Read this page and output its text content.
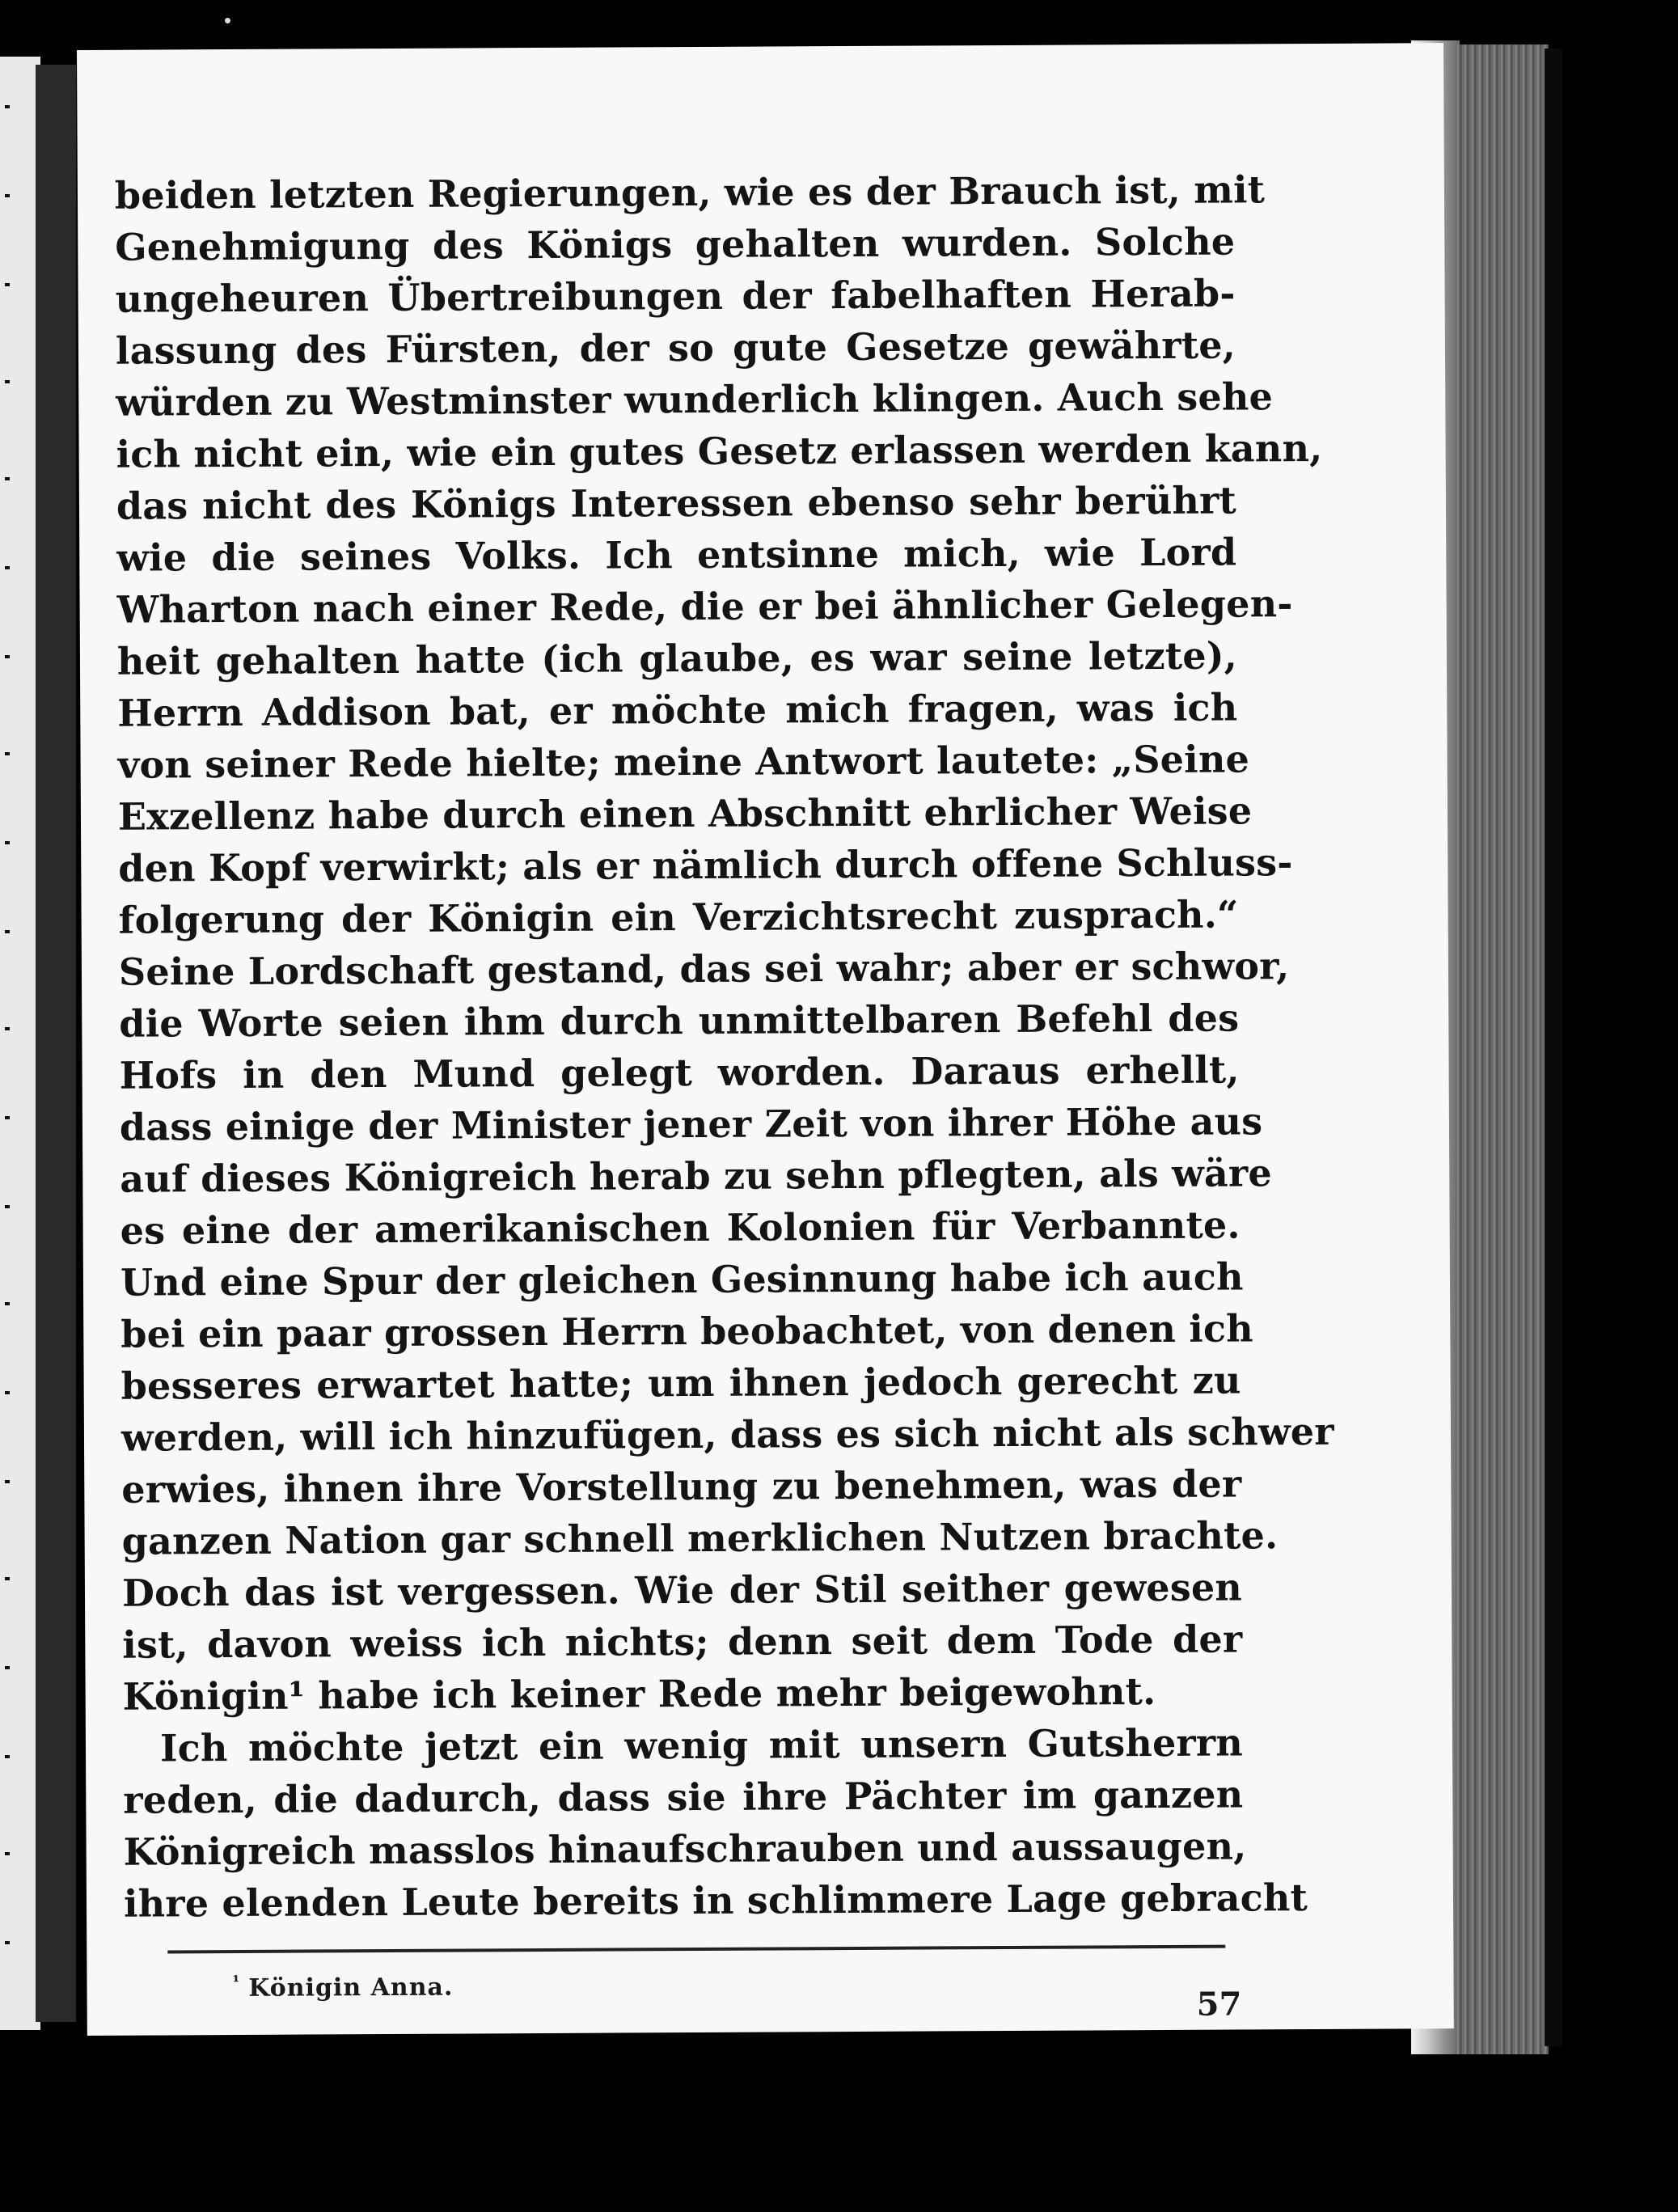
beiden letzten Regierungen, wie es der Brauch ist, mit
Genehmigung des Königs gehalten wurden. Solche
ungeheuren Übertreibungen der fabelhaften Herab-
lassung des Fürsten, der so gute Gesetze gewährte,
würden zu Westminster wunderlich klingen. Auch sehe
ich nicht ein, wie ein gutes Gesetz erlassen werden kann,
das nicht des Königs Interessen ebenso sehr berührt
wie die seines Volks. Ich entsinne mich, wie Lord
Wharton nach einer Rede, die er bei ähnlicher Gelegen-
heit gehalten hatte (ich glaube, es war seine letzte),
Herrn Addison bat, er möchte mich fragen, was ich
von seiner Rede hielte; meine Antwort lautete: „Seine
Exzellenz habe durch einen Abschnitt ehrlicher Weise
den Kopf verwirkt; als er nämlich durch offene Schluss-
folgerung der Königin ein Verzichtsrecht zusprach.“
Seine Lordschaft gestand, das sei wahr; aber er schwor,
die Worte seien ihm durch unmittelbaren Befehl des
Hofs in den Mund gelegt worden. Daraus erhellt,
dass einige der Minister jener Zeit von ihrer Höhe aus
auf dieses Königreich herab zu sehn pflegten, als wäre
es eine der amerikanischen Kolonien für Verbannte.
Und eine Spur der gleichen Gesinnung habe ich auch
bei ein paar grossen Herrn beobachtet, von denen ich
besseres erwartet hatte; um ihnen jedoch gerecht zu
werden, will ich hinzufügen, dass es sich nicht als schwer
erwies, ihnen ihre Vorstellung zu benehmen, was der
ganzen Nation gar schnell merklichen Nutzen brachte.
Doch das ist vergessen. Wie der Stil seither gewesen
ist, davon weiss ich nichts; denn seit dem Tode der
Königin¹ habe ich keiner Rede mehr beigewohnt.
Ich möchte jetzt ein wenig mit unsern Gutsherrn
reden, die dadurch, dass sie ihre Pächter im ganzen
Königreich masslos hinaufschrauben und aussaugen,
ihre elenden Leute bereits in schlimmere Lage gebracht
$^{^1}$ Königin Anna.	57
